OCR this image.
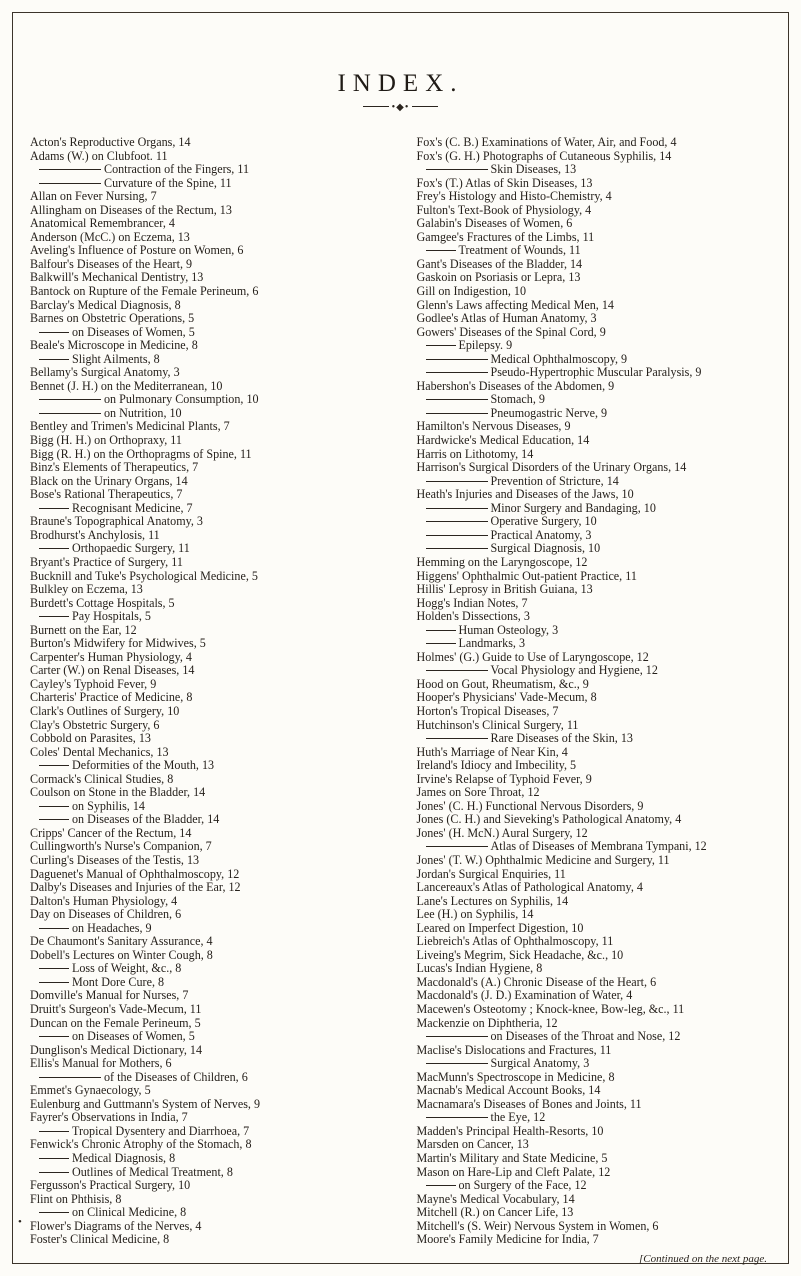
INDEX.
•◆•
Acton's Reproductive Organs, 14
Adams (W.) on Clubfoot. 11
Contraction of the Fingers, 11
Curvature of the Spine, 11
Allan on Fever Nursing, 7
Allingham on Diseases of the Rectum, 13
Anatomical Remembrancer, 4
Anderson (McC.) on Eczema, 13
Aveling's Influence of Posture on Women, 6
Balfour's Diseases of the Heart, 9
Balkwill's Mechanical Dentistry, 13
Bantock on Rupture of the Female Perineum, 6
Barclay's Medical Diagnosis, 8
Barnes on Obstetric Operations, 5
on Diseases of Women, 5
Beale's Microscope in Medicine, 8
Slight Ailments, 8
Bellamy's Surgical Anatomy, 3
Bennet (J. H.) on the Mediterranean, 10
on Pulmonary Consumption, 10
on Nutrition, 10
Bentley and Trimen's Medicinal Plants, 7
Bigg (H. H.) on Orthopraxy, 11
Bigg (R. H.) on the Orthopragms of Spine, 11
Binz's Elements of Therapeutics, 7
Black on the Urinary Organs, 14
Bose's Rational Therapeutics, 7
Recognisant Medicine, 7
Braune's Topographical Anatomy, 3
Brodhurst's Anchylosis, 11
Orthopaedic Surgery, 11
Bryant's Practice of Surgery, 11
Bucknill and Tuke's Psychological Medicine, 5
Bulkley on Eczema, 13
Burdett's Cottage Hospitals, 5
Pay Hospitals, 5
Burnett on the Ear, 12
Burton's Midwifery for Midwives, 5
Carpenter's Human Physiology, 4
Carter (W.) on Renal Diseases, 14
Cayley's Typhoid Fever, 9
Charteris' Practice of Medicine, 8
Clark's Outlines of Surgery, 10
Clay's Obstetric Surgery, 6
Cobbold on Parasites, 13
Coles' Dental Mechanics, 13
Deformities of the Mouth, 13
Cormack's Clinical Studies, 8
Coulson on Stone in the Bladder, 14
on Syphilis, 14
on Diseases of the Bladder, 14
Cripps' Cancer of the Rectum, 14
Cullingworth's Nurse's Companion, 7
Curling's Diseases of the Testis, 13
Daguenet's Manual of Ophthalmoscopy, 12
Dalby's Diseases and Injuries of the Ear, 12
Dalton's Human Physiology, 4
Day on Diseases of Children, 6
on Headaches, 9
De Chaumont's Sanitary Assurance, 4
Dobell's Lectures on Winter Cough, 8
Loss of Weight, &c., 8
Mont Dore Cure, 8
Domville's Manual for Nurses, 7
Druitt's Surgeon's Vade-Mecum, 11
Duncan on the Female Perineum, 5
on Diseases of Women, 5
Dunglison's Medical Dictionary, 14
Ellis's Manual for Mothers, 6
of the Diseases of Children, 6
Emmet's Gynaecology, 5
Eulenburg and Guttmann's System of Nerves, 9
Fayrer's Observations in India, 7
Tropical Dysentery and Diarrhoea, 7
Fenwick's Chronic Atrophy of the Stomach, 8
Medical Diagnosis, 8
Outlines of Medical Treatment, 8
Fergusson's Practical Surgery, 10
Flint on Phthisis, 8
on Clinical Medicine, 8
Flower's Diagrams of the Nerves, 4
Foster's Clinical Medicine, 8
Fox's (C. B.) Examinations of Water, Air, and Food, 4
Fox's (G. H.) Photographs of Cutaneous Syphilis, 14
Skin Diseases, 13
Fox's (T.) Atlas of Skin Diseases, 13
Frey's Histology and Histo-Chemistry, 4
Fulton's Text-Book of Physiology, 4
Galabin's Diseases of Women, 6
Gamgee's Fractures of the Limbs, 11
Treatment of Wounds, 11
Gant's Diseases of the Bladder, 14
Gaskoin on Psoriasis or Lepra, 13
Gill on Indigestion, 10
Glenn's Laws affecting Medical Men, 14
Godlee's Atlas of Human Anatomy, 3
Gowers' Diseases of the Spinal Cord, 9
Epilepsy. 9
Medical Ophthalmoscopy, 9
Pseudo-Hypertrophic Muscular Paralysis, 9
Habershon's Diseases of the Abdomen, 9
Stomach, 9
Pneumogastric Nerve, 9
Hamilton's Nervous Diseases, 9
Hardwicke's Medical Education, 14
Harris on Lithotomy, 14
Harrison's Surgical Disorders of the Urinary Organs, 14
Prevention of Stricture, 14
Heath's Injuries and Diseases of the Jaws, 10
Minor Surgery and Bandaging, 10
Operative Surgery, 10
Practical Anatomy, 3
Surgical Diagnosis, 10
Hemming on the Laryngoscope, 12
Higgens' Ophthalmic Out-patient Practice, 11
Hillis' Leprosy in British Guiana, 13
Hogg's Indian Notes, 7
Holden's Dissections, 3
Human Osteology, 3
Landmarks, 3
Holmes' (G.) Guide to Use of Laryngoscope, 12
Vocal Physiology and Hygiene, 12
Hood on Gout, Rheumatism, &c., 9
Hooper's Physicians' Vade-Mecum, 8
Horton's Tropical Diseases, 7
Hutchinson's Clinical Surgery, 11
Rare Diseases of the Skin, 13
Huth's Marriage of Near Kin, 4
Ireland's Idiocy and Imbecility, 5
Irvine's Relapse of Typhoid Fever, 9
James on Sore Throat, 12
Jones' (C. H.) Functional Nervous Disorders, 9
Jones (C. H.) and Sieveking's Pathological Anatomy, 4
Jones' (H. McN.) Aural Surgery, 12
Atlas of Diseases of Membrana Tympani, 12
Jones' (T. W.) Ophthalmic Medicine and Surgery, 11
Jordan's Surgical Enquiries, 11
Lancereaux's Atlas of Pathological Anatomy, 4
Lane's Lectures on Syphilis, 14
Lee (H.) on Syphilis, 14
Leared on Imperfect Digestion, 10
Liebreich's Atlas of Ophthalmoscopy, 11
Liveing's Megrim, Sick Headache, &c., 10
Lucas's Indian Hygiene, 8
Macdonald's (A.) Chronic Disease of the Heart, 6
Macdonald's (J. D.) Examination of Water, 4
Macewen's Osteotomy ; Knock-knee, Bow-leg, &c., 11
Mackenzie on Diphtheria, 12
on Diseases of the Throat and Nose, 12
Maclise's Dislocations and Fractures, 11
Surgical Anatomy, 3
MacMunn's Spectroscope in Medicine, 8
Macnab's Medical Account Books, 14
Macnamara's Diseases of Bones and Joints, 11
the Eye, 12
Madden's Principal Health-Resorts, 10
Marsden on Cancer, 13
Martin's Military and State Medicine, 5
Mason on Hare-Lip and Cleft Palate, 12
on Surgery of the Face, 12
Mayne's Medical Vocabulary, 14
Mitchell (R.) on Cancer Life, 13
Mitchell's (S. Weir) Nervous System in Women, 6
Moore's Family Medicine for India, 7
[Continued on the next page.
•
